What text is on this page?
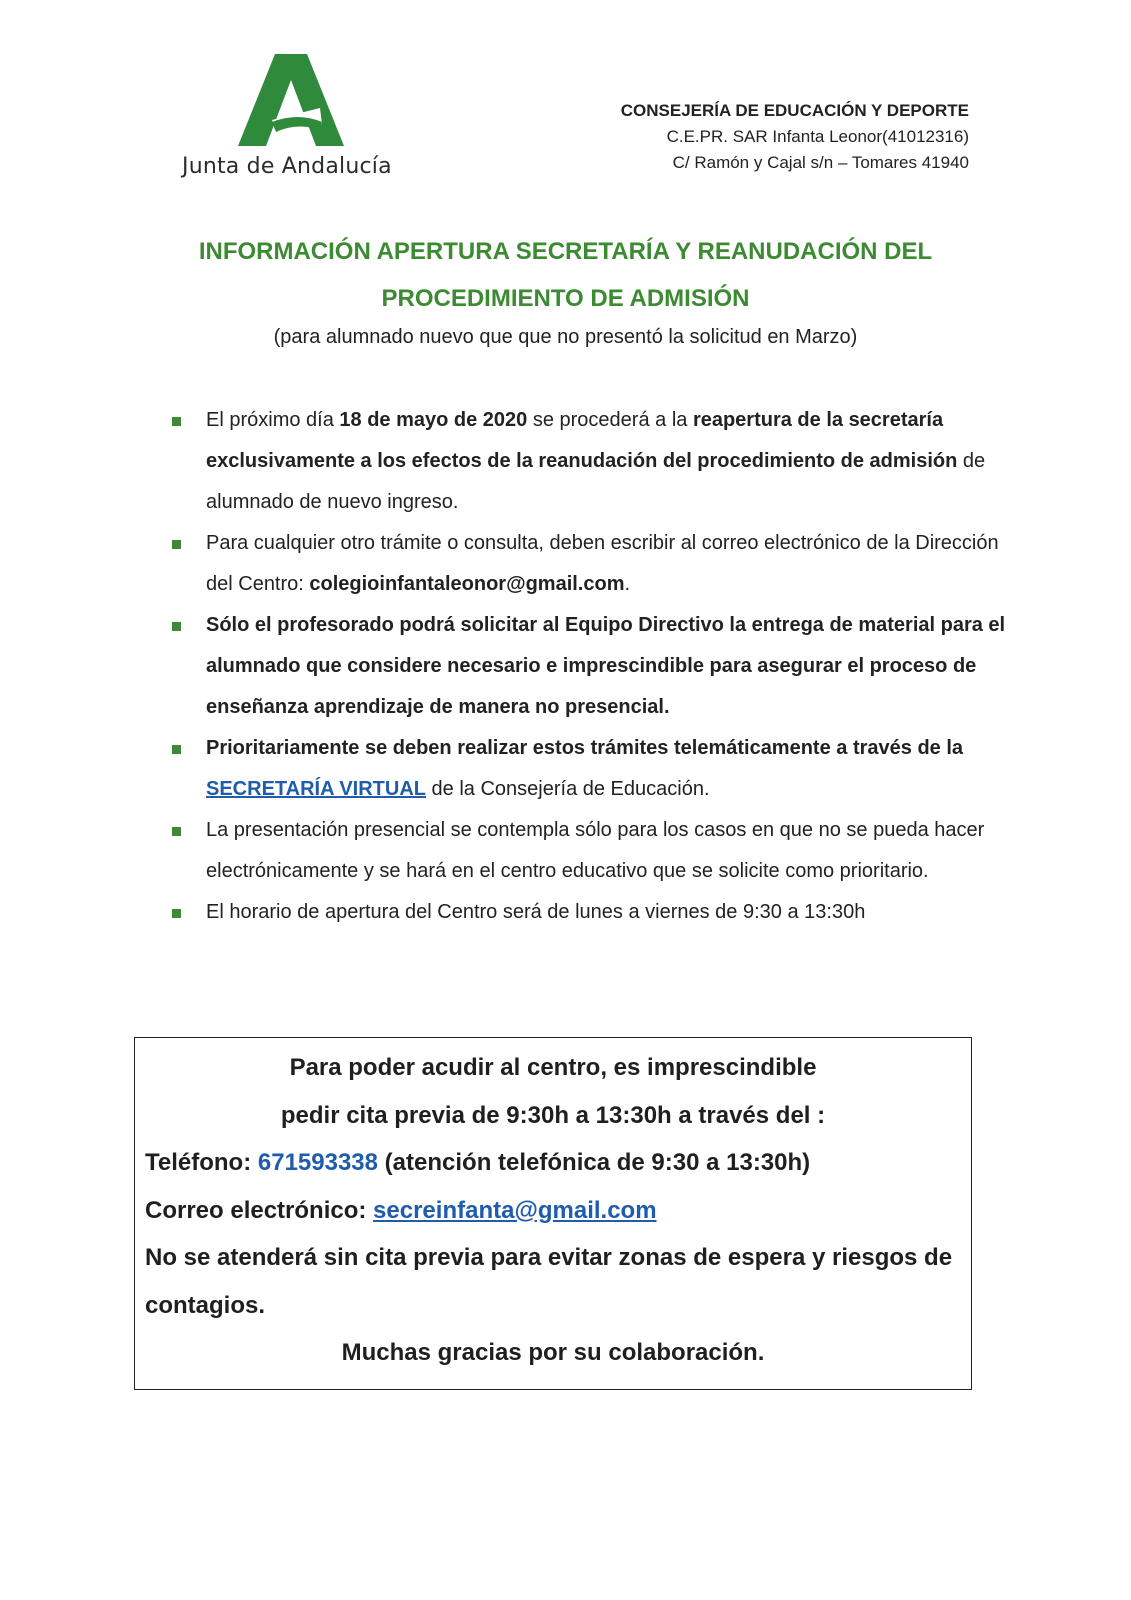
Junta de Andalucía
CONSEJERÍA DE EDUCACIÓN Y DEPORTE
C.E.PR. SAR Infanta Leonor(41012316)
C/ Ramón y Cajal s/n – Tomares 41940
INFORMACIÓN APERTURA SECRETARÍA Y REANUDACIÓN DEL
PROCEDIMIENTO DE ADMISIÓN
(para alumnado nuevo que que no presentó la solicitud en Marzo)
El próximo día 18 de mayo de 2020 se procederá a la reapertura de la secretaría exclusivamente a los efectos de la reanudación del procedimiento de admisión de alumnado de nuevo ingreso.
Para cualquier otro trámite o consulta, deben escribir al correo electrónico de la Dirección del Centro: colegioinfantaleonor@gmail.com.
Sólo el profesorado podrá solicitar al Equipo Directivo la entrega de material para el alumnado que considere necesario e imprescindible para asegurar el proceso de enseñanza aprendizaje de manera no presencial.
Prioritariamente se deben realizar estos trámites telemáticamente a través de la SECRETARÍA VIRTUAL de la Consejería de Educación.
La presentación presencial se contempla sólo para los casos en que no se pueda hacer electrónicamente y se hará en el centro educativo que se solicite como prioritario.
El horario de apertura del Centro será de lunes a viernes de 9:30 a 13:30h
Para poder acudir al centro, es imprescindible
pedir cita previa de 9:30h a 13:30h a través del :
Teléfono: 671593338 (atención telefónica de 9:30 a 13:30h)
Correo electrónico: secreinfanta@gmail.com
No se atenderá sin cita previa para evitar zonas de espera y riesgos de contagios.
Muchas gracias por su colaboración.
